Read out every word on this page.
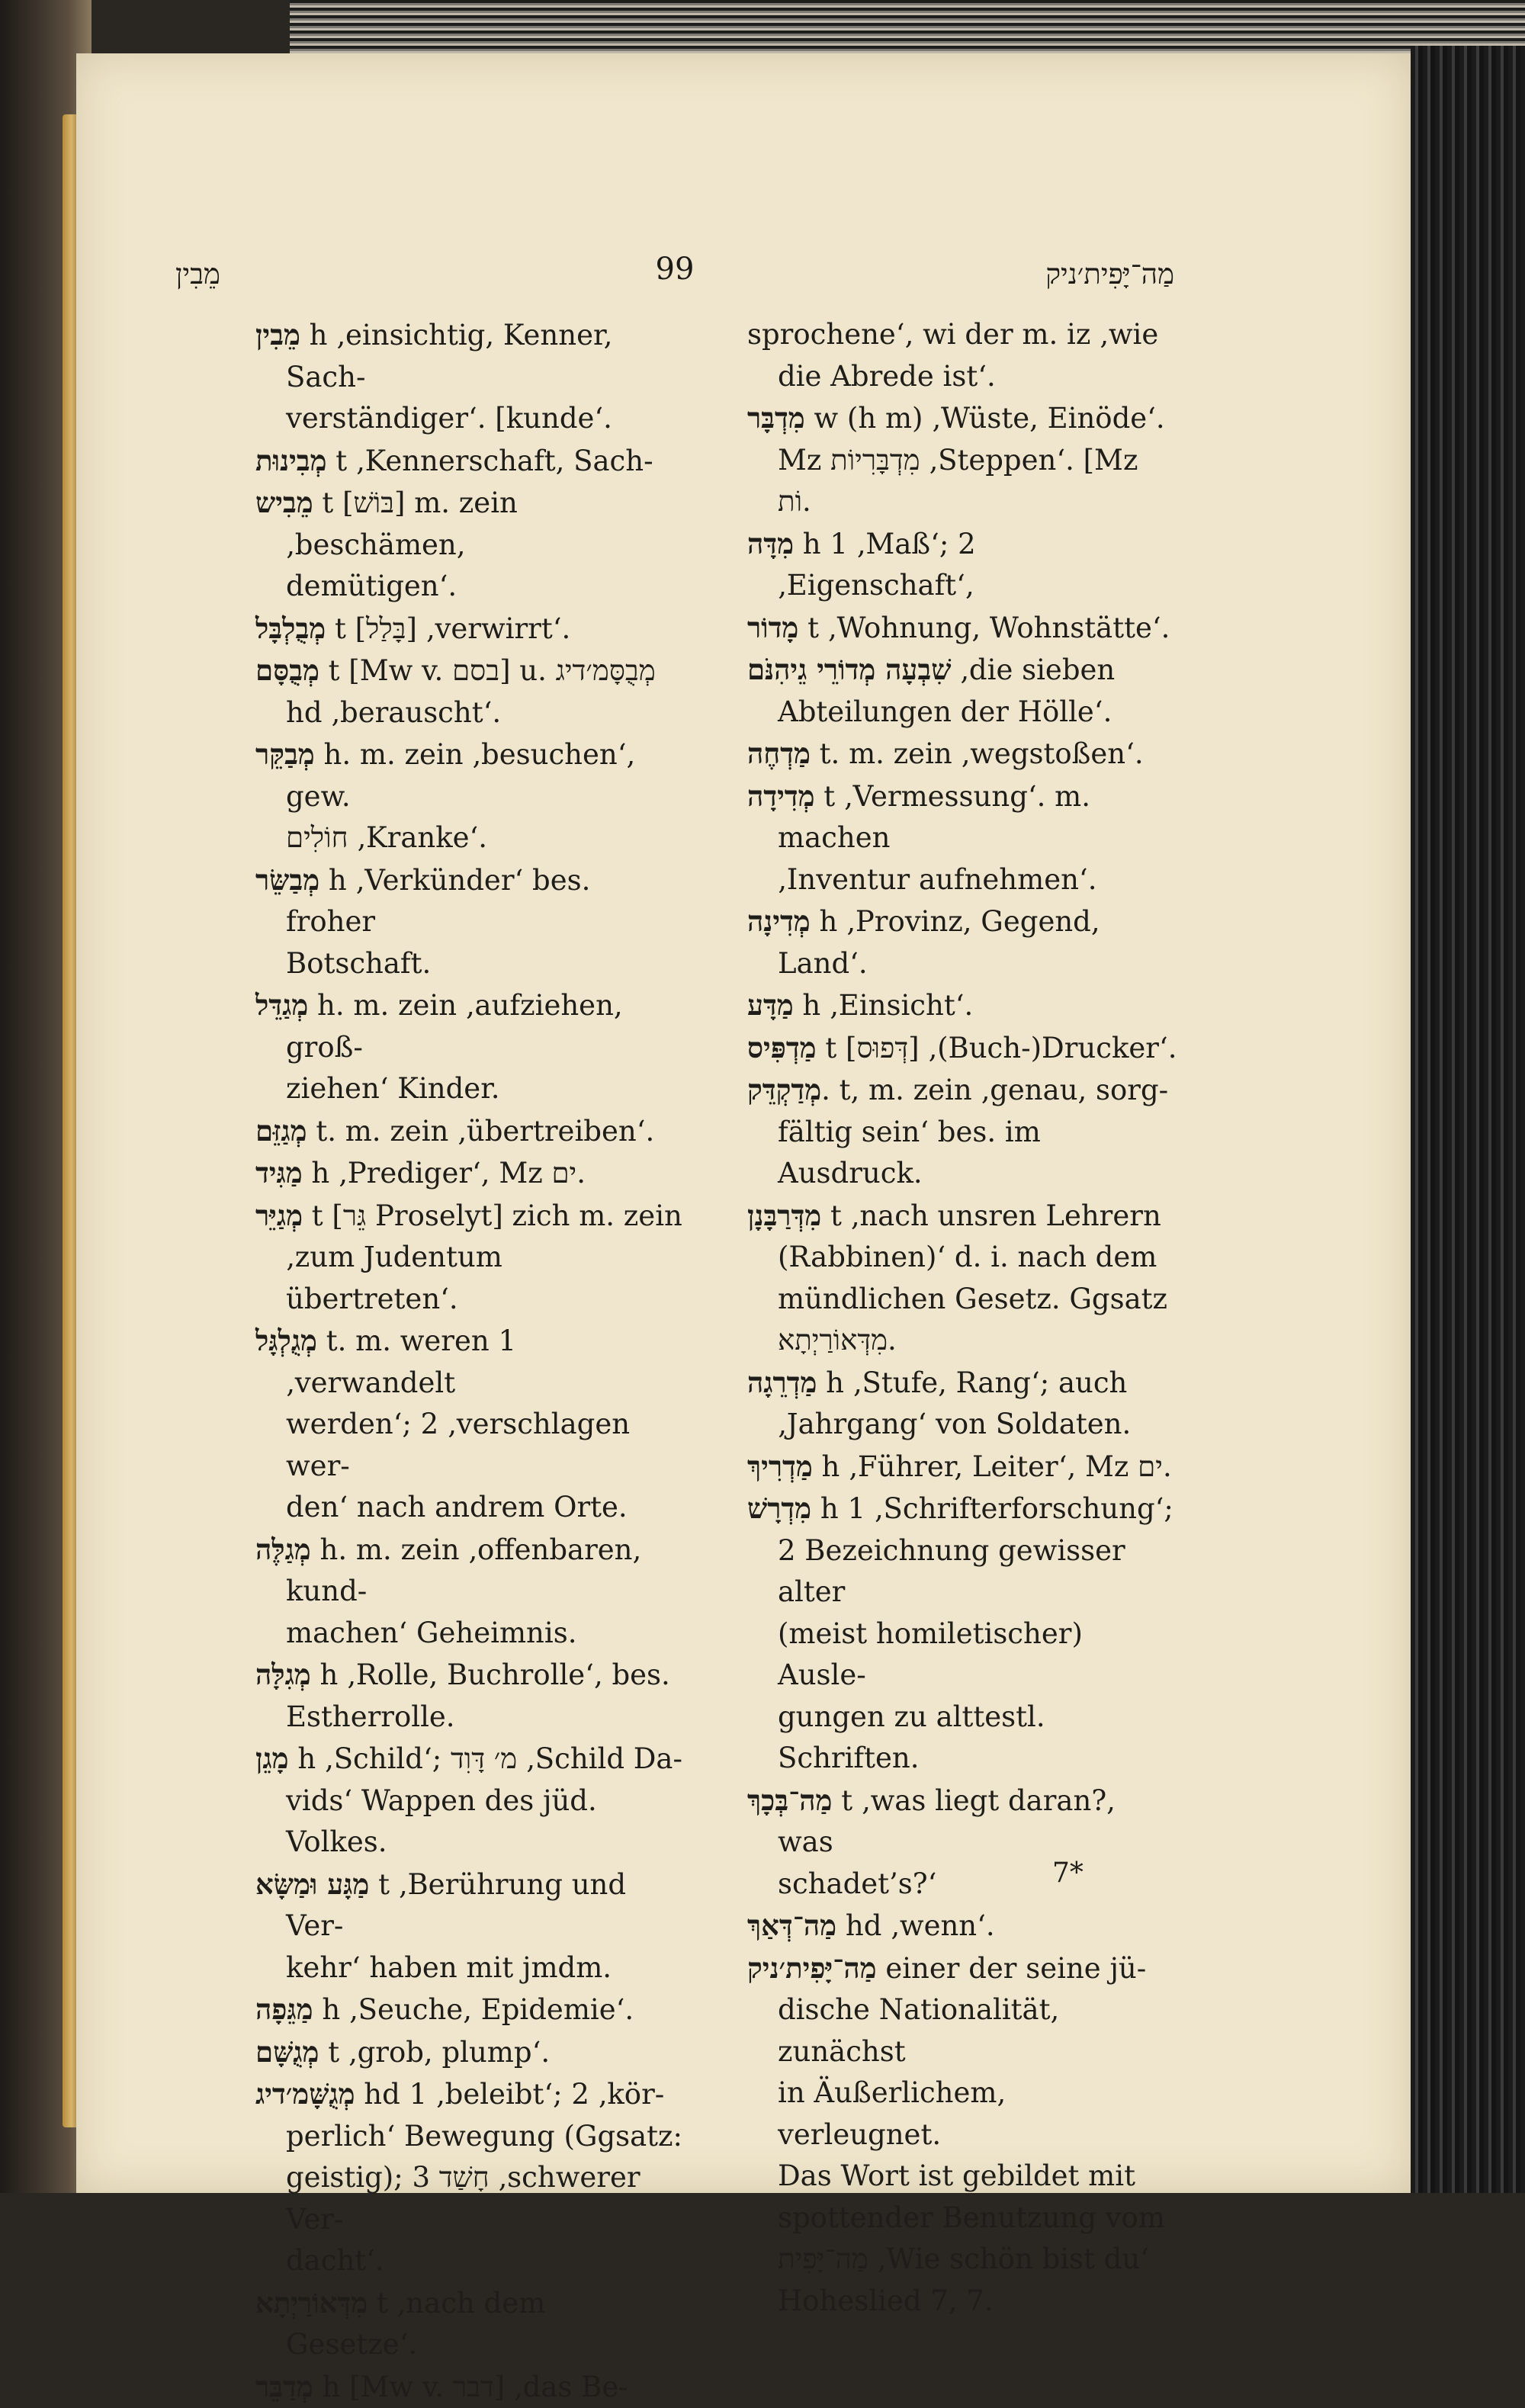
מֵבִין	99	מַה־יָּפִית׳ניק

מֵבִין h ‚einsichtig, Kenner, Sach-

verständiger‘. [kunde‘.

מְבִינוּת t ‚Kennerschaft, Sach-

מֵבִיש t [בּוֹשׁ] m. zein ‚beschämen,

demütigen‘.

מְבֻלְבָּל t [בָּלַל] ‚verwirrt‘.

מְבֻסָּם t [Mw v. בסם] u. מְבֻסָּמ׳דיג

hd ‚berauscht‘.

מְבַקֵּר h. m. zein ‚besuchen‘, gew.

חוֹלִים ‚Kranke‘.

מְבַשֵּׂר h ‚Verkünder‘ bes. froher

Botschaft.

מְגַדֵּל h. m. zein ‚aufziehen, groß-

ziehen‘ Kinder.

מְגַזֵּם t. m. zein ‚übertreiben‘.

מַגִּיד h ‚Prediger‘, Mz ים.

מְגַיֵּר t [גֵּר Proselyt] zich m. zein

‚zum Judentum übertreten‘.

מְגֻלְגָּל t. m. weren 1 ‚verwandelt

werden‘; 2 ‚verschlagen wer-

den‘ nach andrem Orte.

מְגַלֶּה h. m. zein ‚offenbaren, kund-

machen‘ Geheimnis.

מְגִלָּה h ‚Rolle, Buchrolle‘, bes.

Estherrolle.

מָגֵן h ‚Schild‘; מ׳ דָּוִד ‚Schild Da-

vids‘ Wappen des jüd. Volkes.

מַגָּע וּמַשָּׂא t ‚Berührung und Ver-

kehr‘ haben mit jmdm.

מַגֵּפָה h ‚Seuche, Epidemie‘.

מְגֻשָּׁם t ‚grob, plump‘.

מְגֻשָּׁמ׳דיג hd 1 ‚beleibt‘; 2 ‚kör-

perlich‘ Bewegung (Ggsatz:

geistig); 3 חָשַׁד ‚schwerer Ver-

dacht‘.

מִדְּאוֹרַיְתָא t ‚nach dem Gesetze‘.

מְדַבֵּר h [Mw v. דבר] ‚das Be-

sprochene‘, wi der m. iz ‚wie

die Abrede ist‘.

מִדְבָּר w (h m) ‚Wüste, Einöde‘.

Mz מִדְבָּרִיוֹת ‚Steppen‘. [Mz וֹת.

מִדָּה h 1 ‚Maß‘; 2 ‚Eigenschaft‘,

מָדוֹר t ‚Wohnung, Wohnstätte‘.

שִׁבְעָה מְדוֹרֵי גֵיהִנֹּם ‚die sieben

Abteilungen der Hölle‘.

מַדְחֶה t. m. zein ‚wegstoßen‘.

מְדִידָה t ‚Vermessung‘. m. machen

‚Inventur aufnehmen‘.

מְדִינָה h ‚Provinz, Gegend, Land‘.

מַדָּע h ‚Einsicht‘.

מַדְפִּיס t [דְּפוּס] ‚(Buch-)Drucker‘.

מְדַקְדֵּק. t, m. zein ‚genau, sorg-

fältig sein‘ bes. im Ausdruck.

מִדְּרַבָּנָן t ‚nach unsren Lehrern

(Rabbinen)‘ d. i. nach dem

mündlichen Gesetz. Ggsatz

מִדְּאוֹרַיְתָא.

מַדְרֵגָה h ‚Stufe, Rang‘; auch

‚Jahrgang‘ von Soldaten.

מַדְרִיךְ h ‚Führer, Leiter‘, Mz ים.

מִדְרָשׁ h 1 ‚Schrifterforschung‘;

2 Bezeichnung gewisser alter

(meist homiletischer) Ausle-

gungen zu alttestl. Schriften.

מַה־בְּכָךְ t ‚was liegt daran?, was

schadet’s?‘

מַה־דְּאַךְ hd ‚wenn‘.

מַה־יָּפִית׳ניק einer der seine jü-

dische Nationalität, zunächst

in Äußerlichem, verleugnet.

Das Wort ist gebildet mit

spottender Benutzung vom

מַה־יָּפִית ‚Wie schön bist du‘

Hoheslied 7, 7.

7*
